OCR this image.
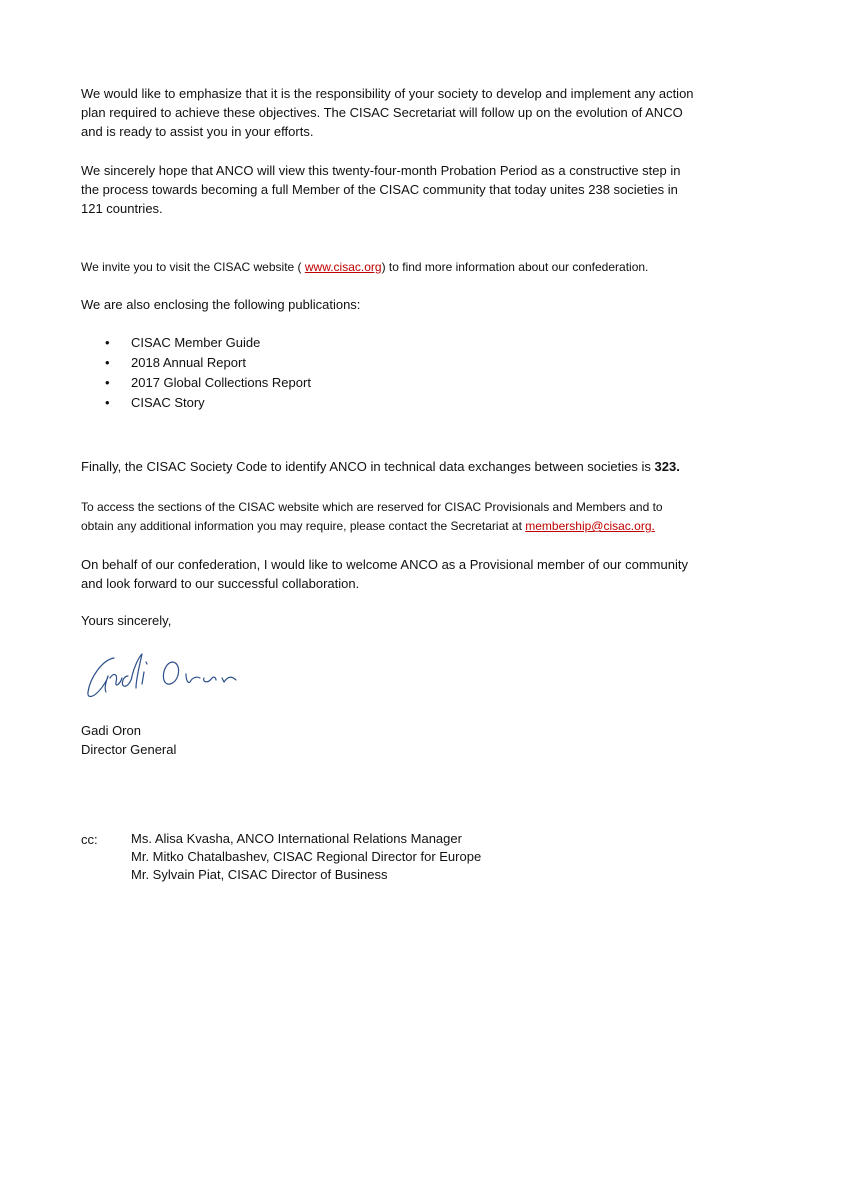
We would like to emphasize that it is the responsibility of your society to develop and implement any action
plan required to achieve these objectives. The CISAC Secretariat will follow up on the evolution of ANCO
and is ready to assist you in your efforts.
We sincerely hope that ANCO will view this twenty-four-month Probation Period as a constructive step in
the process towards becoming a full Member of the CISAC community that today unites 238 societies in
121 countries.
We invite you to visit the CISAC website ( www.cisac.org) to find more information about our confederation.
We are also enclosing the following publications:
• CISAC Member Guide
• 2018 Annual Report
• 2017 Global Collections Report
• CISAC Story
Finally, the CISAC Society Code to identify ANCO in technical data exchanges between societies is 323.
To access the sections of the CISAC website which are reserved for CISAC Provisionals and Members and to
obtain any additional information you may require, please contact the Secretariat at membership@cisac.org.
On behalf of our confederation, I would like to welcome ANCO as a Provisional member of our community
and look forward to our successful collaboration.
Yours sincerely,
Gadi Oron
Director General
cc:	Ms. Alisa Kvasha, ANCO International Relations Manager
Mr. Mitko Chatalbashev, CISAC Regional Director for Europe
Mr. Sylvain Piat, CISAC Director of Business
